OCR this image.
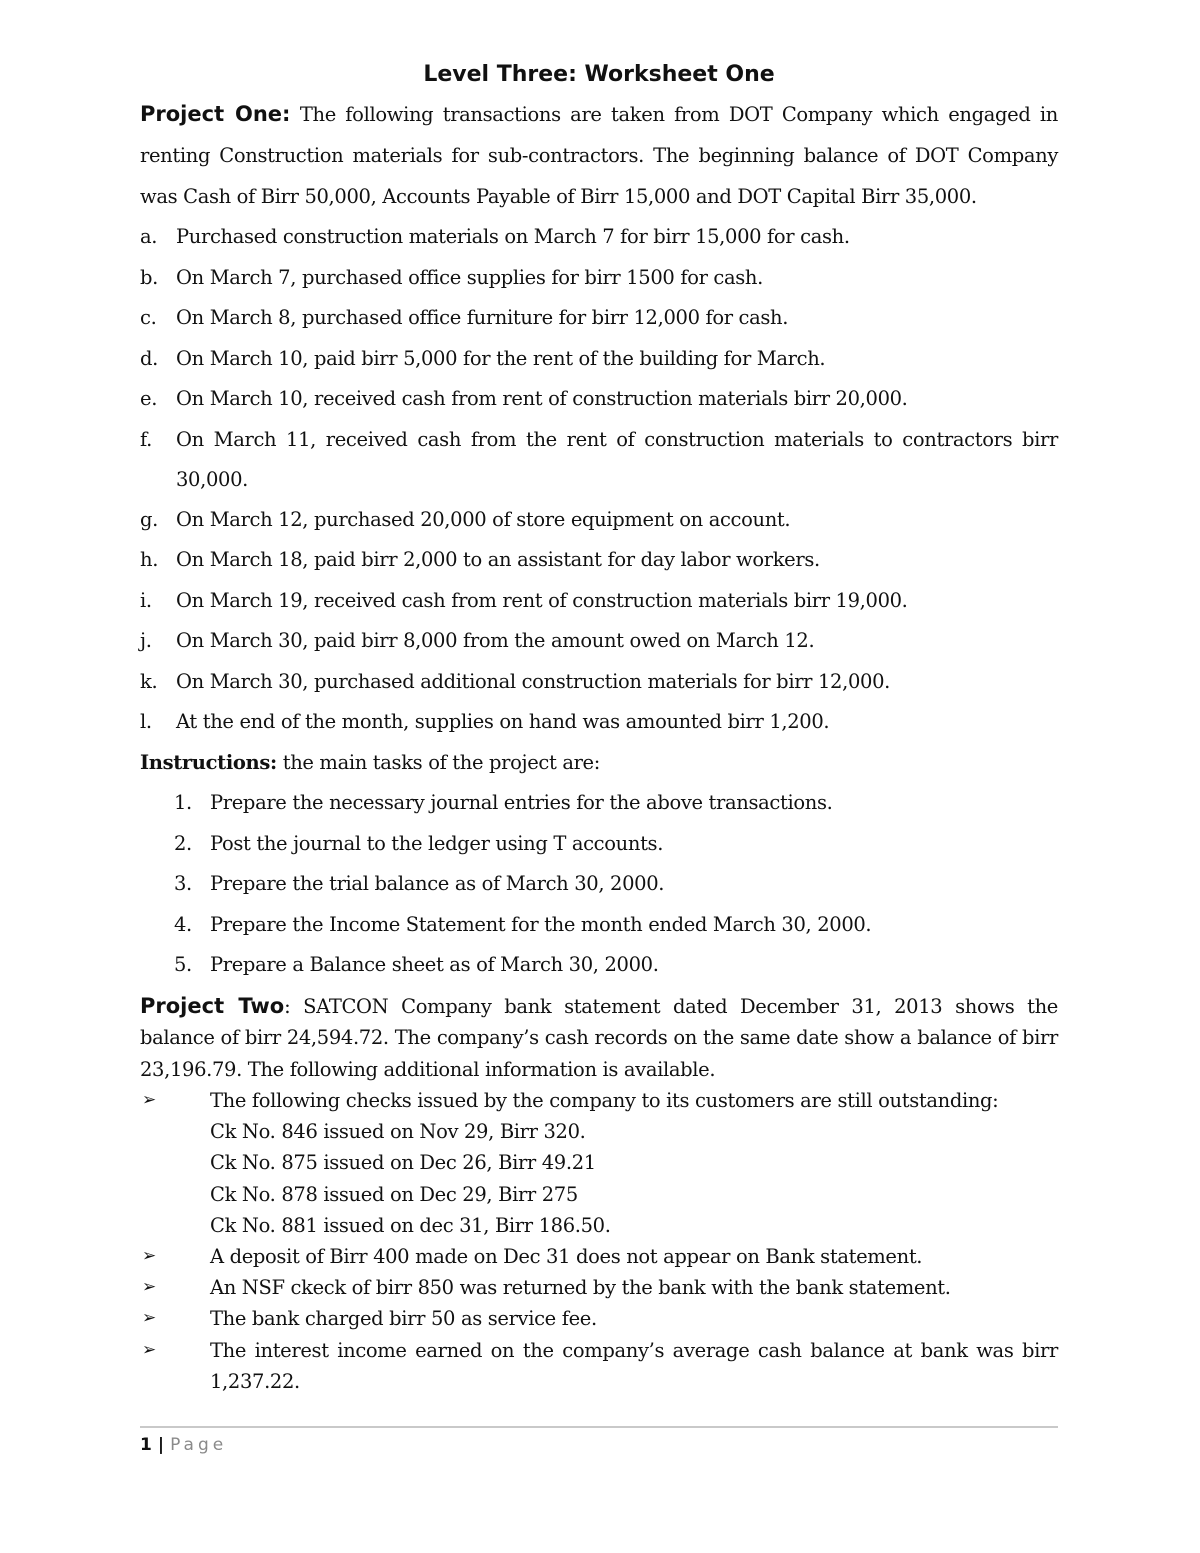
Level Three: Worksheet One

Project One: The following transactions are taken from DOT Company which engaged in renting Construction materials for sub-contractors. The beginning balance of DOT Company was Cash of Birr 50,000, Accounts Payable of Birr 15,000 and DOT Capital Birr 35,000.

a. Purchased construction materials on March 7 for birr 15,000 for cash.
b. On March 7, purchased office supplies for birr 1500 for cash.
c.	On March 8, purchased office furniture for birr 12,000 for cash.
d. On March 10, paid birr 5,000 for the rent of the building for March.
e. On March 10, received cash from rent of construction materials birr 20,000.
f.	On March 11, received cash from the rent of construction materials to contractors birr 30,000.
g. On March 12, purchased 20,000 of store equipment on account.
h. On March 18, paid birr 2,000 to an assistant for day labor workers.
i.	On March 19, received cash from rent of construction materials birr 19,000.
j.	On March 30, paid birr 8,000 from the amount owed on March 12.
k. On March 30, purchased additional construction materials for birr 12,000.
l.	At the end of the month, supplies on hand was amounted birr 1,200.

Instructions: the main tasks of the project are:

1. Prepare the necessary journal entries for the above transactions.
2. Post the journal to the ledger using T accounts.
3. Prepare the trial balance as of March 30, 2000.
4. Prepare the Income Statement for the month ended March 30, 2000.
5. Prepare a Balance sheet as of March 30, 2000.

Project Two: SATCON Company bank statement dated December 31, 2013 shows the balance of birr 24,594.72. The company’s cash records on the same date show a balance of birr 23,196.79. The following additional information is available.

➢	The following checks issued by the company to its customers are still outstanding:
Ck No. 846 issued on Nov 29, Birr 320.
Ck No. 875 issued on Dec 26, Birr 49.21
Ck No. 878 issued on Dec 29, Birr 275
Ck No. 881 issued on dec 31, Birr 186.50.
➢	A deposit of Birr 400 made on Dec 31 does not appear on Bank statement.
➢	An NSF ckeck of birr 850 was returned by the bank with the bank statement.
➢	The bank charged birr 50 as service fee.
➢	The interest income earned on the company’s average cash balance at bank was birr 1,237.22.
1 | Page
